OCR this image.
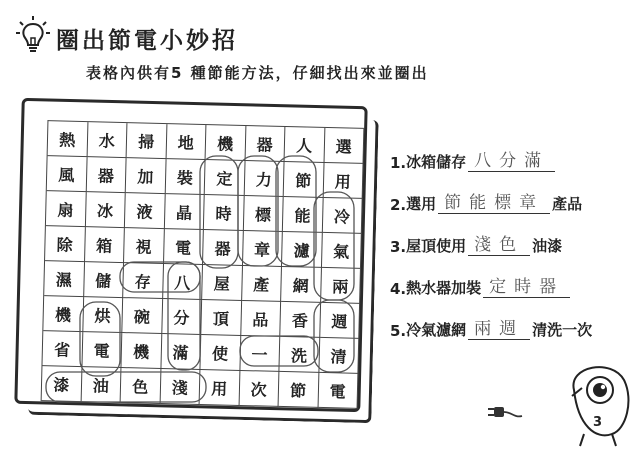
圈出節電小妙招
表格內供有5 種節能方法，仔細找出來並圈出
熱	水	掃	地	機	器	人	選
風	器	加	裝	定	力	節	用
扇	冰	液	晶	時	標	能	冷
除	箱	視	電	器	章	濾	氣
濕	儲	存	八	屋	產	網	兩
機	烘	碗	分	頂	品	香	週
省	電	機	滿	使	一	洗	清
漆	油	色	淺	用	次	節	電
1. 冰箱儲存 八分滿
2. 選用 節能標章 產品
3. 屋頂使用 淺色 油漆
4. 熱水器加裝 定時器
5. 冷氣濾網 兩週 清洗一次
3
